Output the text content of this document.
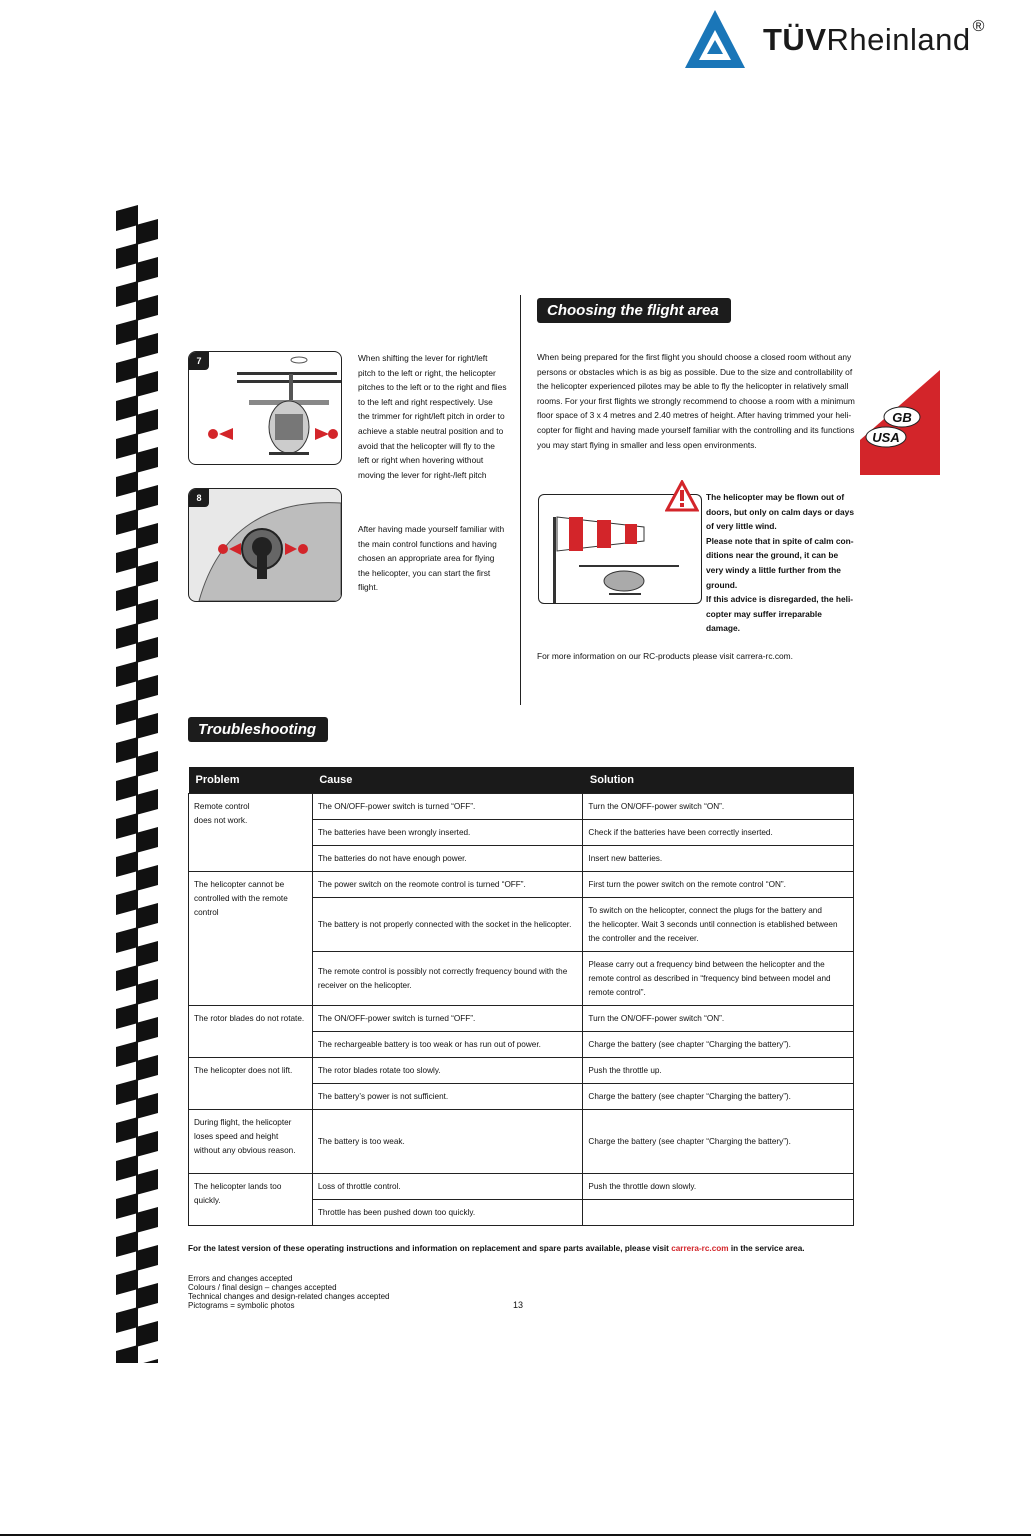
TÜVRheinland ®
7	When shifting the lever for right/left
pitch to the left or right, the helicopter
pitches to the left or to the right and flies
to the left and right respectively. Use
the trimmer for right/left pitch in order to
achieve a stable neutral position and to
avoid that the helicopter will fly to the
left or right when hovering without
moving the lever for right-/left pitch
8
After having made yourself familiar with
the main control functions and having
chosen an appropriate area for flying
the helicopter, you can start the first
flight.
Choosing the flight area
When being prepared for the first flight you should choose a closed room without any
persons or obstacles which is as big as possible. Due to the size and controllability of
the helicopter experienced pilotes may be able to fly the helicopter in relatively small
rooms. For your first flights we strongly recommend to choose a room with a minimum
floor space of 3 x 4 metres and 2.40 metres of height. After having trimmed your heli-
copter for flight and having made yourself familiar with the controlling and its functions
you may start flying in smaller and less open environments.
GB
USA
The helicopter may be flown out of
doors, but only on calm days or days
of very little wind.
Please note that in spite of calm con-
ditions near the ground, it can be
very windy a little further from the
ground.
If this advice is disregarded, the heli-
copter may suffer irreparable damage.
For more information on our RC-products please visit carrera-rc.com.
Troubleshooting
Problem	Cause	Solution

Remote control
does not work.	The ON/OFF-power switch is turned “OFF”.	Turn the ON/OFF-power switch “ON”.

	The batteries have been wrongly inserted.	Check if the batteries have been correctly inserted.

	The batteries do not have enough power.	Insert new batteries.

The helicopter cannot be
controlled with the remote
control	The power switch on the reomote control is turned “OFF”.	First turn the power switch on the remote control “ON”.

	The battery is not properly connected with the socket in the helicopter.	To switch on the helicopter, connect the plugs for the battery and
the helicopter. Wait 3 seconds until connection is etablished between
the controller and the receiver.

	The remote control is possibly not correctly frequency bound with the receiver on the helicopter.	Please carry out a frequency bind between the helicopter and the
remote control as described in “frequency bind between model and
remote control”.

The rotor blades do not rotate.	The ON/OFF-power switch is turned “OFF”.	Turn the ON/OFF-power switch “ON”.

	The rechargeable battery is too weak or has run out of power.	Charge the battery (see chapter “Charging the battery”).

The helicopter does not lift.	The rotor blades rotate too slowly.	Push the throttle up.

	The battery’s power is not sufficient.	Charge the battery (see chapter “Charging the battery”).

During flight, the helicopter
loses speed and height
without any obvious reason.	The battery is too weak.	Charge the battery (see chapter “Charging the battery”).

The helicopter lands too
quickly.	Loss of throttle control.	Push the throttle down slowly.

	Throttle has been pushed down too quickly.	
For the latest version of these operating instructions and information on replacement and spare parts available, please visit carrera-rc.com in the service area.
Errors and changes accepted
Colours / final design – changes accepted
Technical changes and design-related changes accepted
Pictograms = symbolic photos	13
